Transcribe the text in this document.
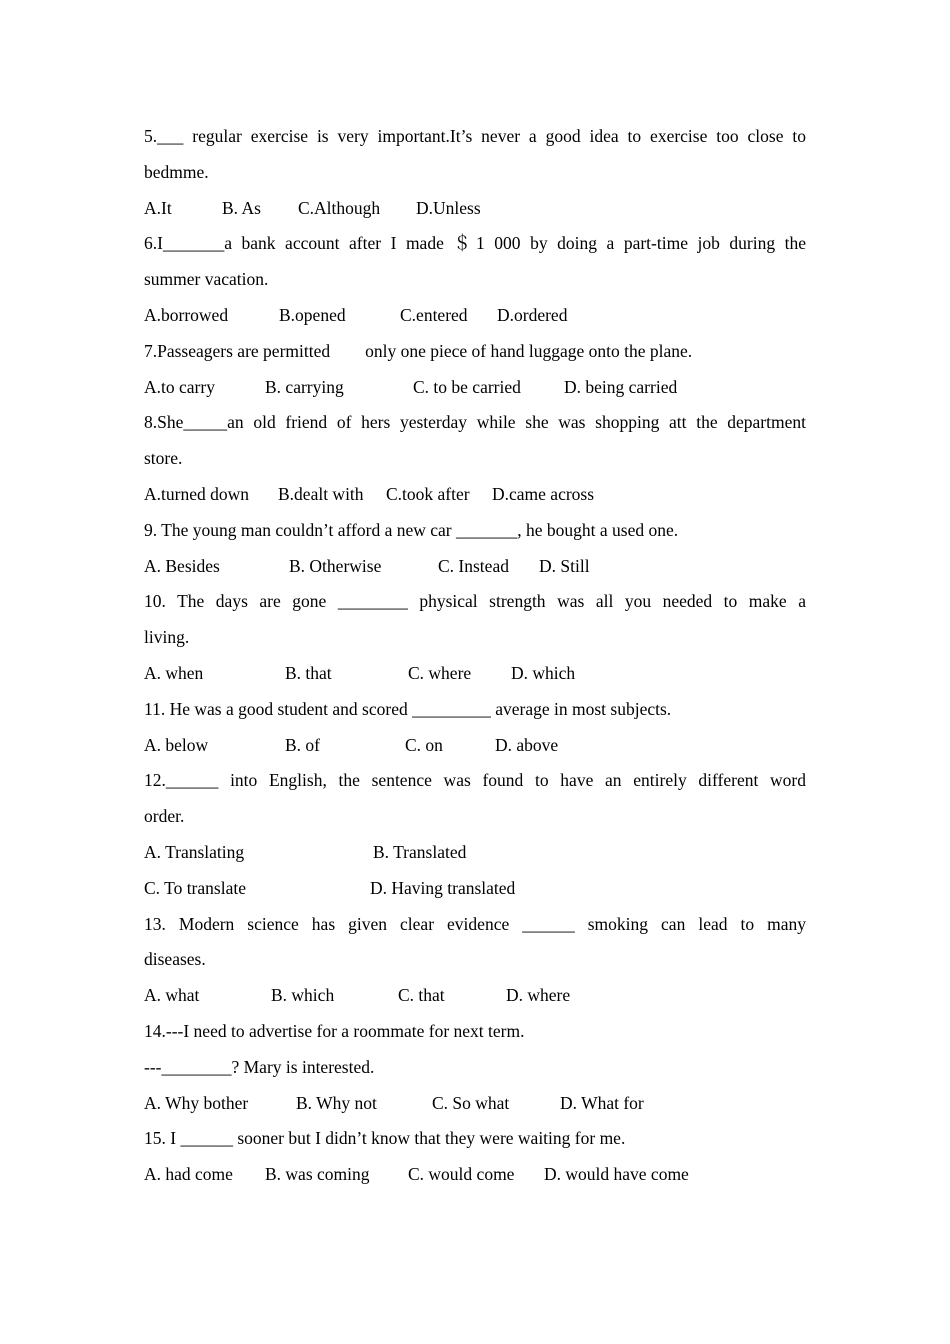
5.___ regular exercise is very important.It’s never a good idea to exercise too close to
bedmme.
A.It	B. As C.Although D.Unless
6.I_______a bank account after I made ＄1 000 by doing a part-time job during the
summer vacation.
A.borrowed	B.opened	C.entered D.ordered
7.Passeagers are permitted        only one piece of hand luggage onto the plane.
A.to carry	B. carrying	C. to be carried D. being carried
8.She_____an old friend of hers yesterday while she was shopping att the department
store.
A.turned down B.dealt with C.took after D.came across
9. The young man couldn’t afford a new car _______, he bought a used one.
A. Besides	B. Otherwise	C. Instead D. Still
10. The days are gone ________ physical strength was all you needed to make a
living.
A. when	B. that	C. where D. which
11. He was a good student and scored _________ average in most subjects.
A. below	B. of	C. on	D. above
12.______ into English, the sentence was found to have an entirely different word
order.
A. Translating	B. Translated
C. To translate	D. Having translated
13. Modern science has given clear evidence ______ smoking can lead to many
diseases.
A. what	B. which	C. that	D. where
14.---I need to advertise for a roommate for next term.
---________? Mary is interested.
A. Why bother	B. Why not	C. So what	D. What for
15. I ______ sooner but I didn’t know that they were waiting for me.
A. had come B. was coming C. would come D. would have come
